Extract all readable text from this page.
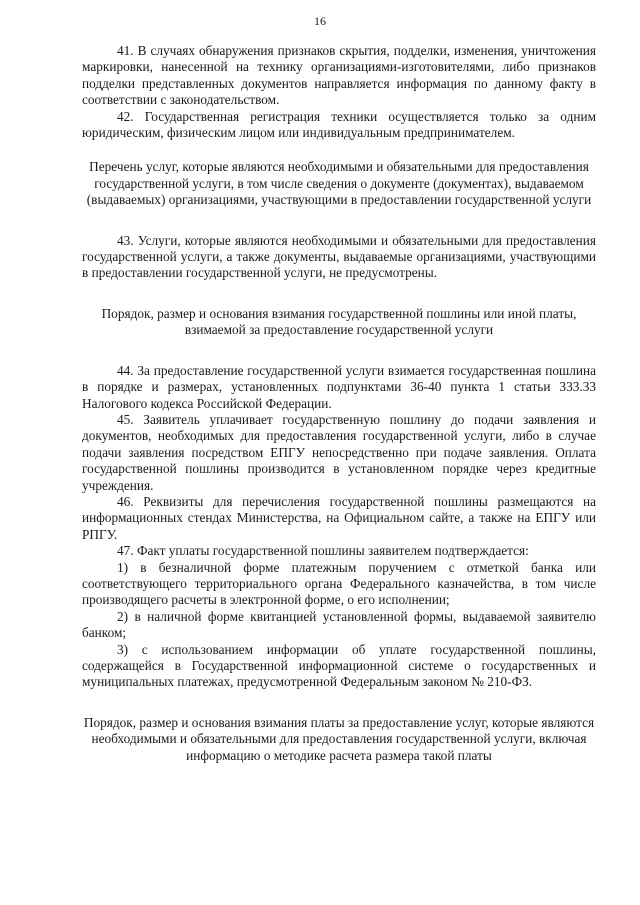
16

41. В случаях обнаружения признаков скрытия, подделки, изменения, уничтожения маркировки, нанесенной на технику организациями-изготовителями, либо признаков подделки представленных документов направляется информация по данному факту в соответствии с законодательством.

42. Государственная регистрация техники осуществляется только за одним юридическим, физическим лицом или индивидуальным предпринимателем.

Перечень услуг, которые являются необходимыми и обязательными для предоставления государственной услуги, в том числе сведения о документе (документах), выдаваемом (выдаваемых) организациями, участвующими в предоставлении государственной услуги

43. Услуги, которые являются необходимыми и обязательными для предоставления государственной услуги, а также документы, выдаваемые организациями, участвующими в предоставлении государственной услуги, не предусмотрены.

Порядок, размер и основания взимания государственной пошлины или иной платы, взимаемой за предоставление государственной услуги

44. За предоставление государственной услуги взимается государственная пошлина в порядке и размерах, установленных подпунктами 36-40 пункта 1 статьи 333.33 Налогового кодекса Российской Федерации.

45. Заявитель уплачивает государственную пошлину до подачи заявления и документов, необходимых для предоставления государственной услуги, либо в случае подачи заявления посредством ЕПГУ непосредственно при подаче заявления. Оплата государственной пошлины производится в установленном порядке через кредитные учреждения.

46. Реквизиты для перечисления государственной пошлины размещаются на информационных стендах Министерства, на Официальном сайте, а также на ЕПГУ или РПГУ.

47. Факт уплаты государственной пошлины заявителем подтверждается:

1) в безналичной форме платежным поручением с отметкой банка или соответствующего территориального органа Федерального казначейства, в том числе производящего расчеты в электронной форме, о его исполнении;

2) в наличной форме квитанцией установленной формы, выдаваемой заявителю банком;

3) с использованием информации об уплате государственной пошлины, содержащейся в Государственной информационной системе о государственных и муниципальных платежах, предусмотренной Федеральным законом № 210-ФЗ.

Порядок, размер и основания взимания платы за предоставление услуг, которые являются необходимыми и обязательными для предоставления государственной услуги, включая информацию о методике расчета размера такой платы
